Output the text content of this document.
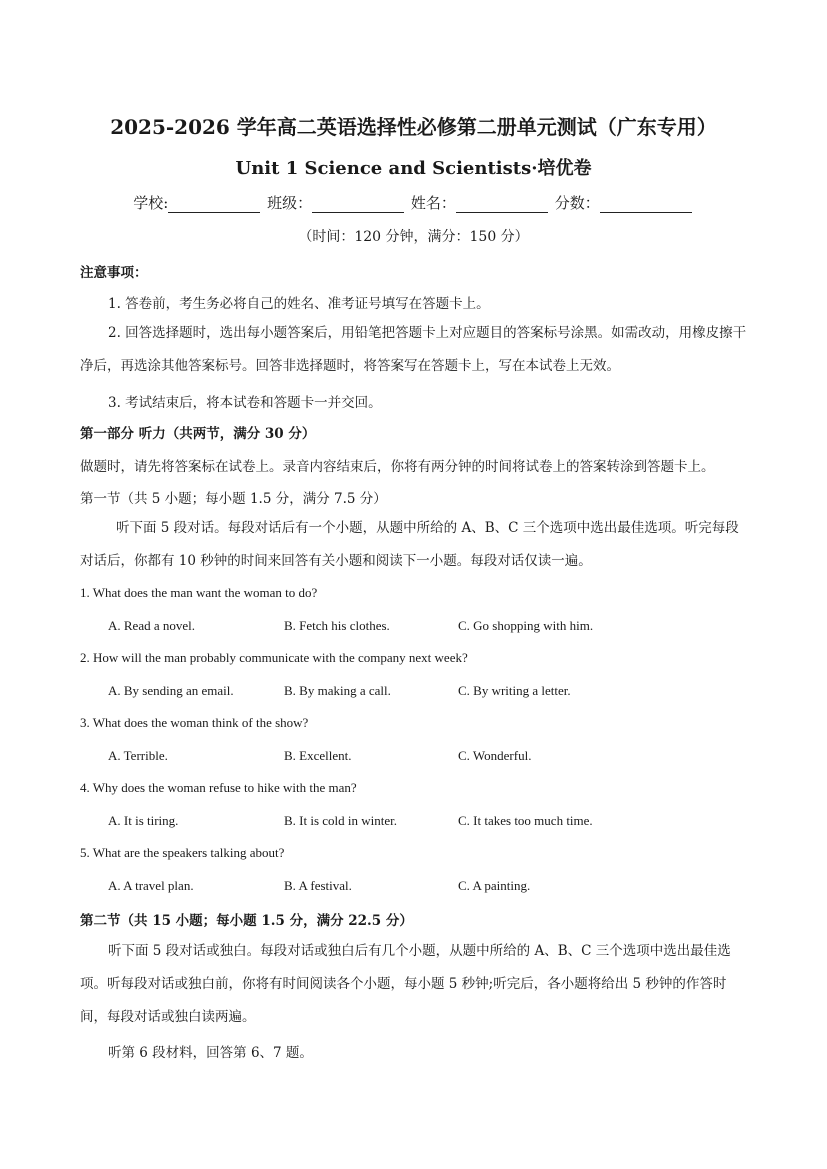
2025-2026 学年高二英语选择性必修第二册单元测试（广东专用）
Unit 1 Science and Scientists·培优卷
学校:	班级：	姓名：	分数：
（时间：120 分钟，满分：150 分）
注意事项：
1. 答卷前，考生务必将自己的姓名、准考证号填写在答题卡上。
2. 回答选择题时，选出每小题答案后，用铅笔把答题卡上对应题目的答案标号涂黑。如需改动，用橡皮擦干净后，再选涂其他答案标号。回答非选择题时，将答案写在答题卡上，写在本试卷上无效。
3. 考试结束后，将本试卷和答题卡一并交回。
第一部分 听力（共两节，满分 30 分）
做题时，请先将答案标在试卷上。录音内容结束后，你将有两分钟的时间将试卷上的答案转涂到答题卡上。
第一节（共 5 小题；每小题 1.5 分，满分 7.5 分）
听下面 5 段对话。每段对话后有一个小题，从题中所给的 A、B、C 三个选项中选出最佳选项。听完每段对话后，你都有 10 秒钟的时间来回答有关小题和阅读下一小题。每段对话仅读一遍。
1. What does the man want the woman to do?
A. Read a novel.	B. Fetch his clothes.	C. Go shopping with him.
2. How will the man probably communicate with the company next week?
A. By sending an email.	B. By making a call.	C. By writing a letter.
3. What does the woman think of the show?
A. Terrible.	B. Excellent.	C. Wonderful.
4. Why does the woman refuse to hike with the man?
A. It is tiring.	B. It is cold in winter.	C. It takes too much time.
5. What are the speakers talking about?
A. A travel plan.	B. A festival.	C. A painting.
第二节（共 15 小题；每小题 1.5 分，满分 22.5 分）
听下面 5 段对话或独白。每段对话或独白后有几个小题，从题中所给的 A、B、C 三个选项中选出最佳选项。听每段对话或独白前，你将有时间阅读各个小题，每小题 5 秒钟;听完后，各小题将给出 5 秒钟的作答时间，每段对话或独白读两遍。
听第 6 段材料，回答第 6、7 题。
